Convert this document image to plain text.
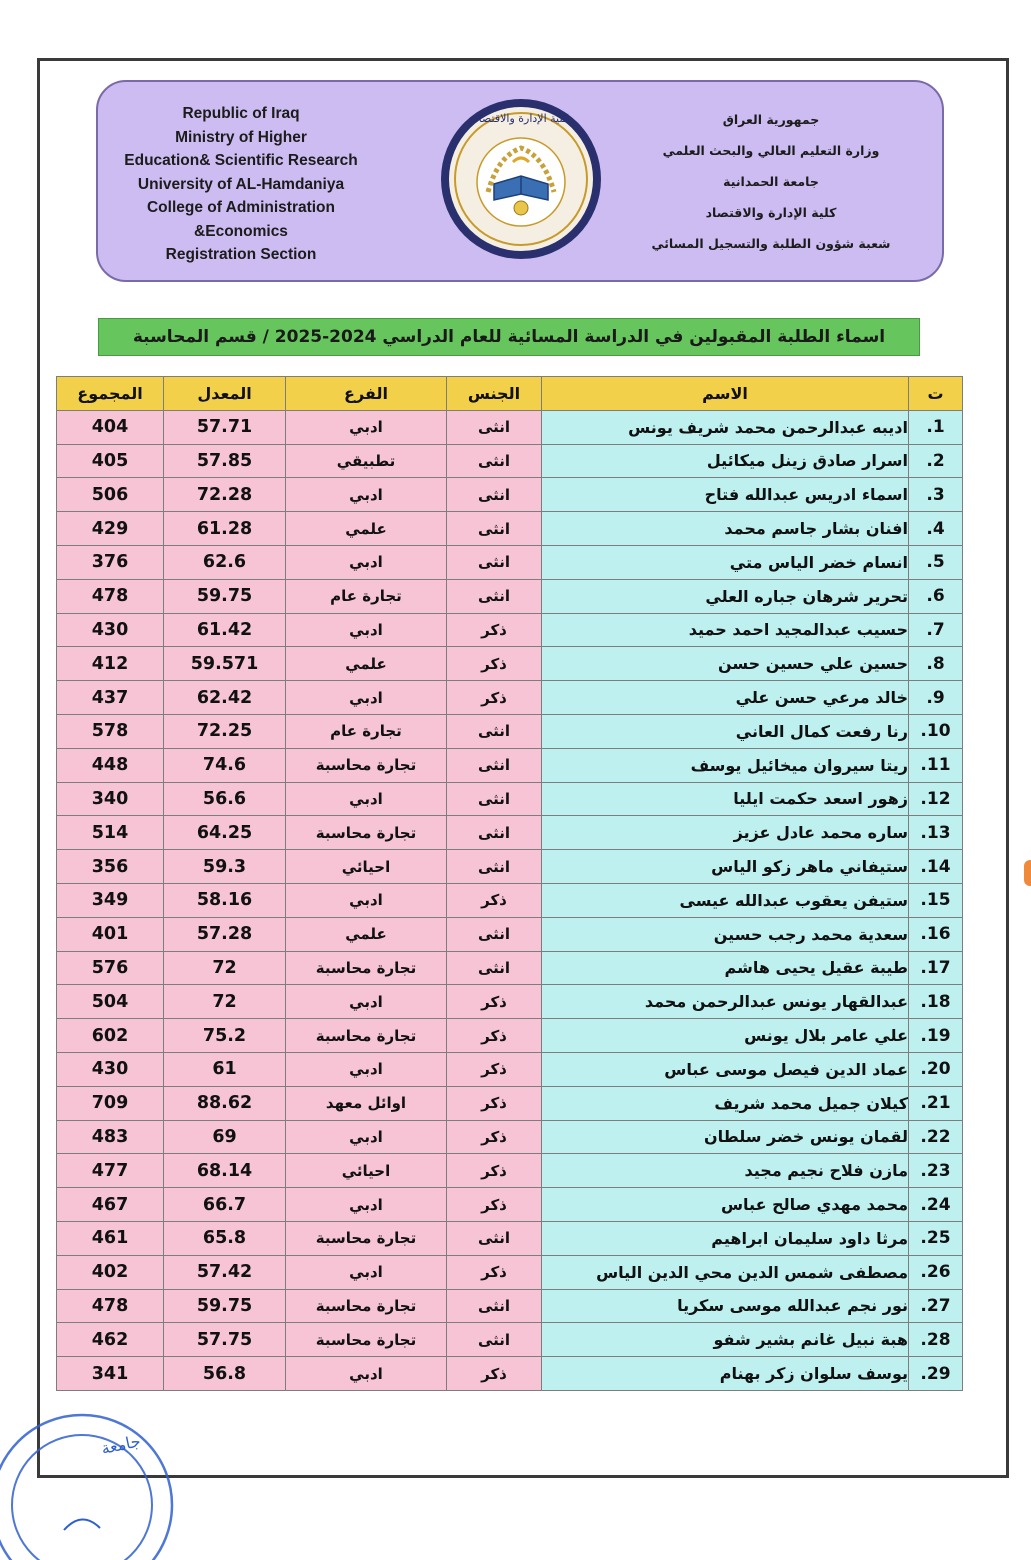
Republic of Iraq
Ministry of Higher
Education& Scientific Research
University of AL-Hamdaniya
College of Administration
&Economics
Registration Section
كلية الإدارة والاقتصاد	جمهورية العراق
وزارة التعليم العالي والبحث العلمي
جامعة الحمدانية
كلية الإدارة والاقتصاد
شعبة شؤون الطلبة والتسجيل المسائي
اسماء الطلبة المقبولين في الدراسة المسائية للعام الدراسي 2024-2025 / قسم المحاسبة
ت	الاسم	الجنس	الفرع	المعدل	المجموع
1.	اديبه عبدالرحمن محمد شريف يونس	انثى	ادبي	57.71	404
2.	اسرار صادق زينل ميكائيل	انثى	تطبيقي	57.85	405
3.	اسماء ادريس عبدالله فتاح	انثى	ادبي	72.28	506
4.	افنان بشار جاسم محمد	انثى	علمي	61.28	429
5.	انسام خضر الياس متي	انثى	ادبي	62.6	376
6.	تحرير شرهان جباره العلي	انثى	تجارة عام	59.75	478
7.	حسيب عبدالمجيد احمد حميد	ذكر	ادبي	61.42	430
8.	حسين علي حسين حسن	ذكر	علمي	59.571	412
9.	خالد مرعي حسن علي	ذكر	ادبي	62.42	437
10.	رنا رفعت كمال العاني	انثى	تجارة عام	72.25	578
11.	ريتا سيروان ميخائيل يوسف	انثى	تجارة محاسبة	74.6	448
12.	زهور اسعد حكمت ايليا	انثى	ادبي	56.6	340
13.	ساره محمد عادل عزيز	انثى	تجارة محاسبة	64.25	514
14.	ستيفاني ماهر زكو الياس	انثى	احيائي	59.3	356
15.	ستيفن يعقوب عبدالله عيسى	ذكر	ادبي	58.16	349
16.	سعدية محمد رجب حسين	انثى	علمي	57.28	401
17.	طيبة عقيل يحيى هاشم	انثى	تجارة محاسبة	72	576
18.	عبدالقهار يونس عبدالرحمن محمد	ذكر	ادبي	72	504
19.	علي عامر بلال يونس	ذكر	تجارة محاسبة	75.2	602
20.	عماد الدين فيصل موسى عباس	ذكر	ادبي	61	430
21.	كيلان جميل محمد شريف	ذكر	اوائل معهد	88.62	709
22.	لقمان يونس خضر سلطان	ذكر	ادبي	69	483
23.	مازن فلاح نجيم مجيد	ذكر	احيائي	68.14	477
24.	محمد مهدي صالح عباس	ذكر	ادبي	66.7	467
25.	مرثا داود سليمان ابراهيم	انثى	تجارة محاسبة	65.8	461
26.	مصطفى شمس الدين محي الدين الياس	ذكر	ادبي	57.42	402
27.	نور نجم عبدالله موسى سكريا	انثى	تجارة محاسبة	59.75	478
28.	هبة نبيل غانم بشير شفو	انثى	تجارة محاسبة	57.75	462
29.	يوسف سلوان زكر بهنام	ذكر	ادبي	56.8	341
جامعة
